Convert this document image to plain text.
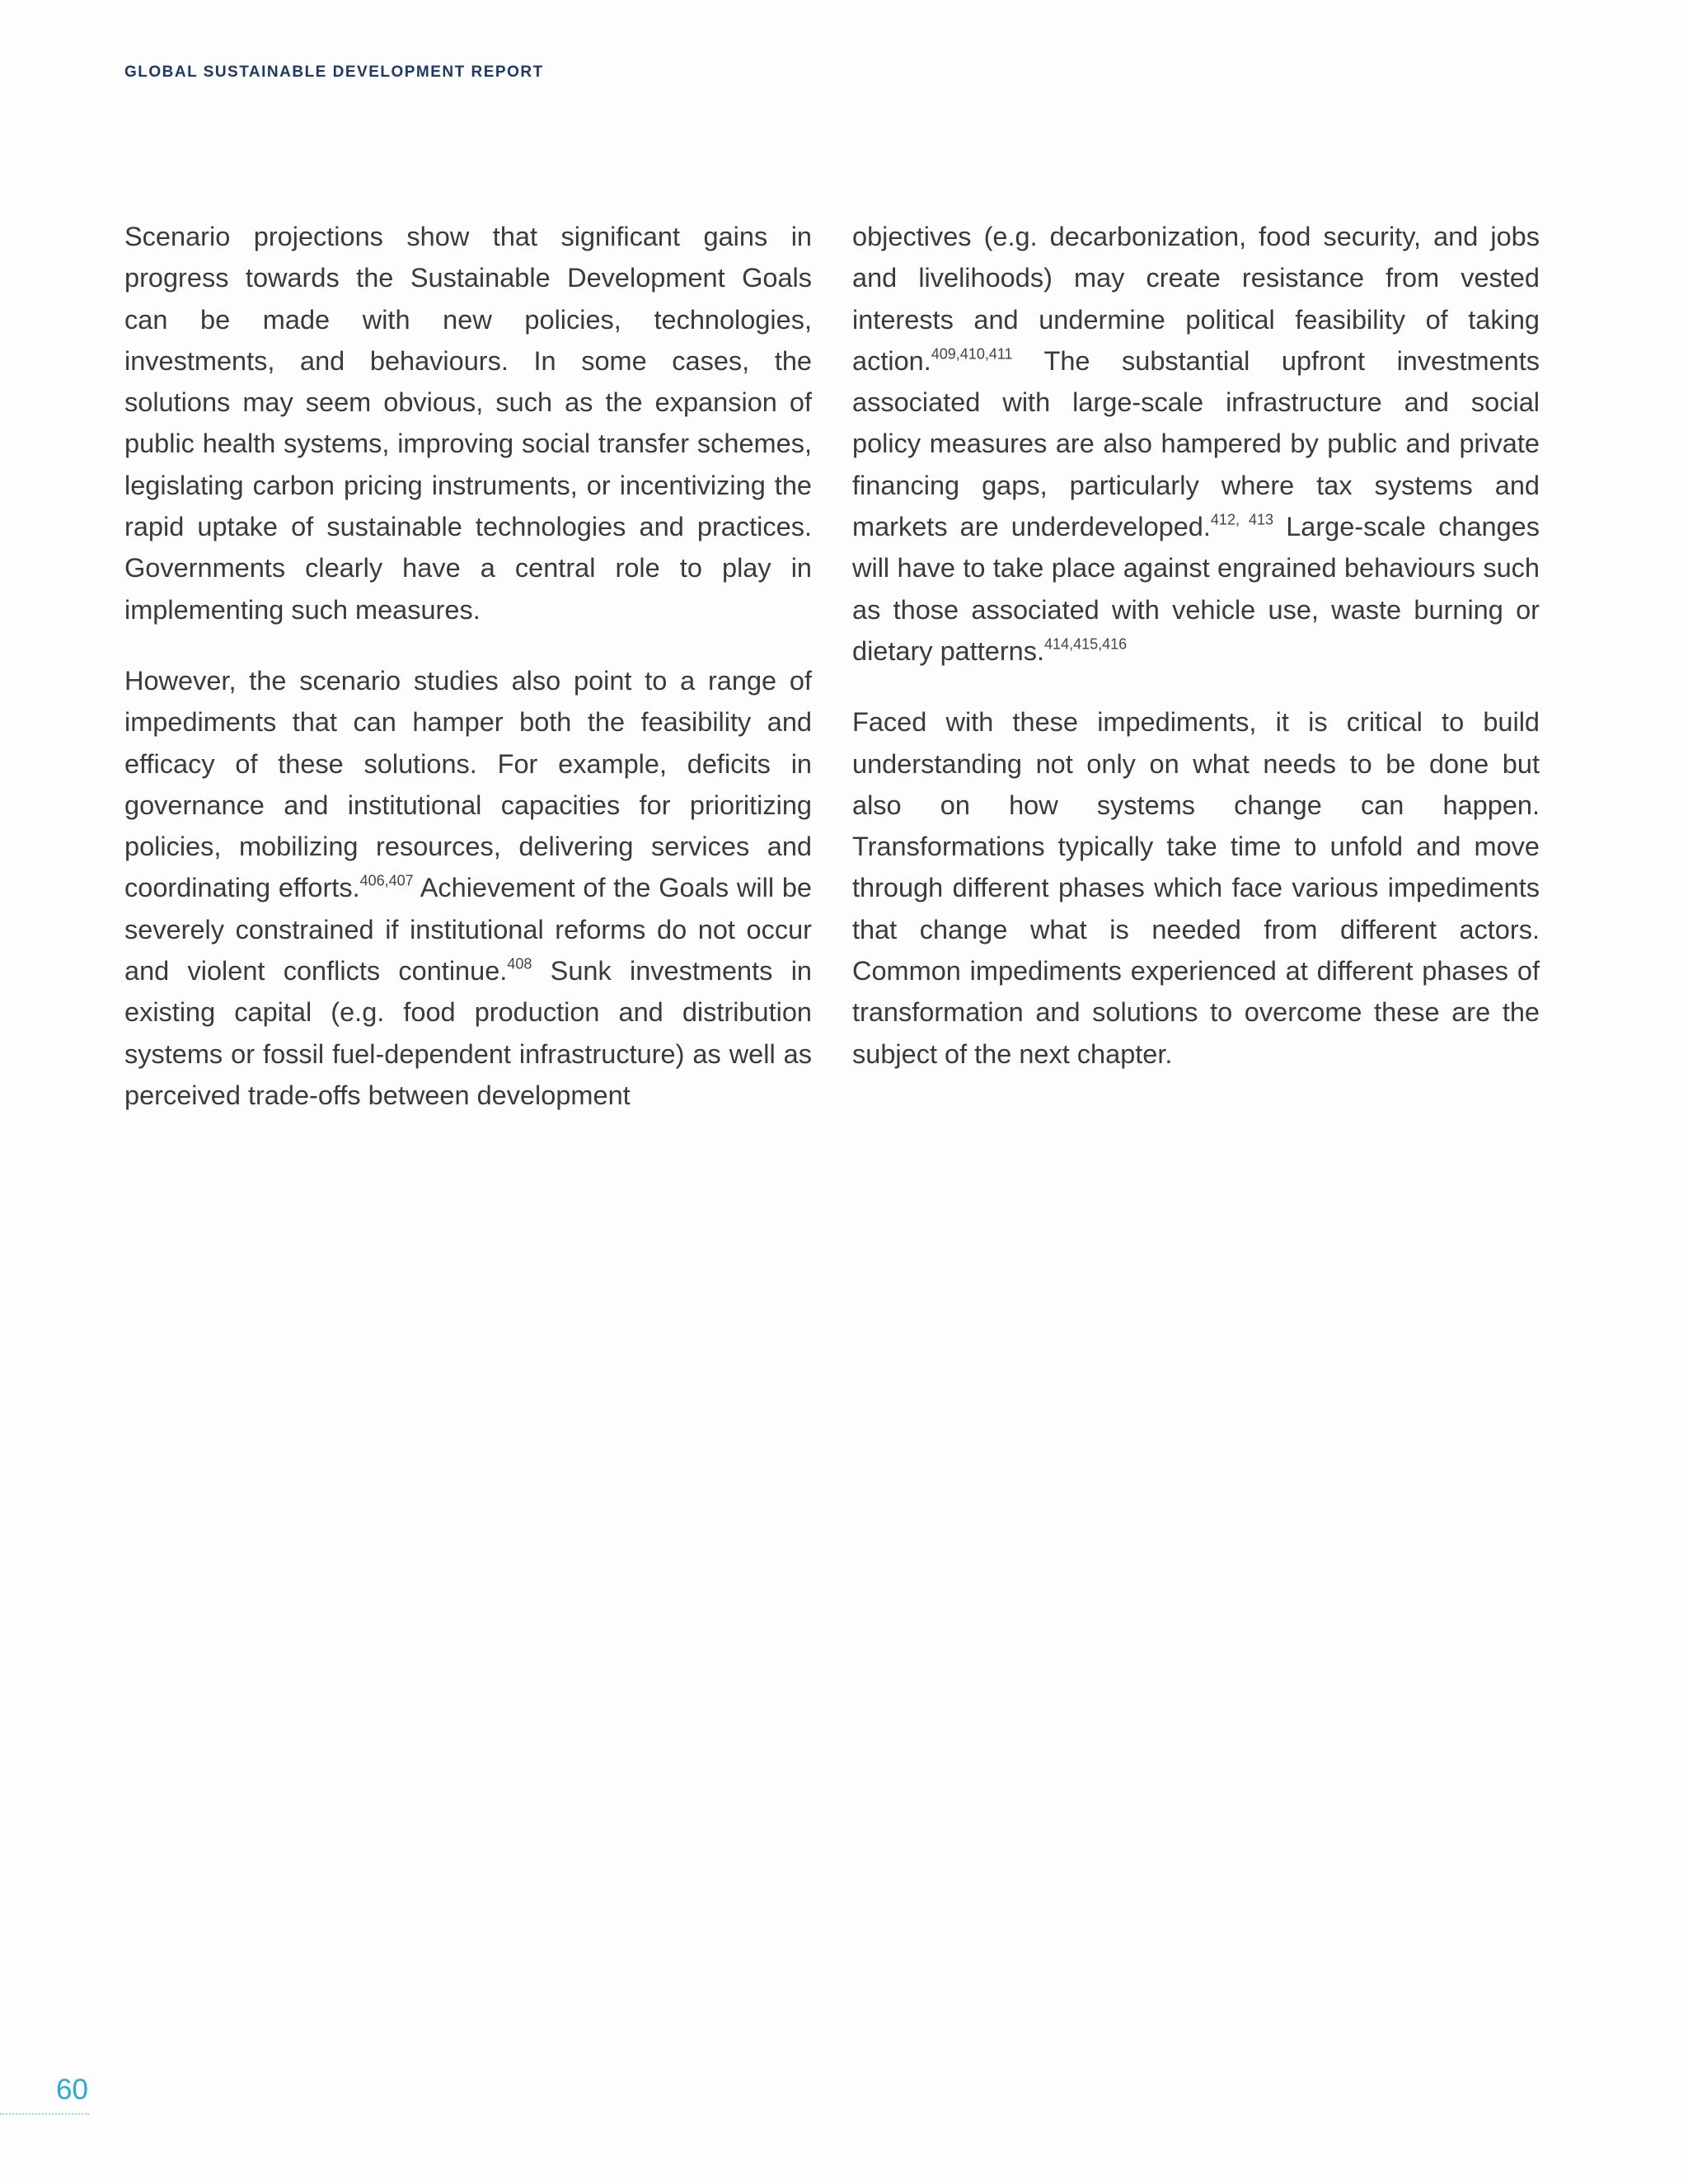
GLOBAL SUSTAINABLE DEVELOPMENT REPORT

Scenario projections show that significant gains in progress towards the Sustainable Development Goals can be made with new policies, technologies, investments, and behaviours. In some cases, the solutions may seem obvious, such as the expansion of public health systems, improving social transfer schemes, legislating carbon pricing instruments, or incentivizing the rapid uptake of sustainable technologies and practices. Governments clearly have a central role to play in implementing such measures.

However, the scenario studies also point to a range of impediments that can hamper both the feasibility and efficacy of these solutions. For example, deficits in governance and institutional capacities for prioritizing policies, mobilizing resources, delivering services and coordinating efforts.$^{406,407}$ Achievement of the Goals will be severely constrained if institutional reforms do not occur and violent conflicts continue.$^{408}$ Sunk investments in existing capital (e.g. food production and distribution systems or fossil fuel-dependent infrastructure) as well as perceived trade-offs between development

objectives (e.g. decarbonization, food security, and jobs and livelihoods) may create resistance from vested interests and undermine political feasibility of taking action.$^{409,410,411}$ The substantial upfront investments associated with large-scale infrastructure and social policy measures are also hampered by public and private financing gaps, particularly where tax systems and markets are underdeveloped.$^{412, 413}$ Large-scale changes will have to take place against engrained behaviours such as those associated with vehicle use, waste burning or dietary patterns.$^{414,415,416}$

Faced with these impediments, it is critical to build understanding not only on what needs to be done but also on how systems change can happen. Transformations typically take time to unfold and move through different phases which face various impediments that change what is needed from different actors. Common impediments experienced at different phases of transformation and solutions to overcome these are the subject of the next chapter.

60
